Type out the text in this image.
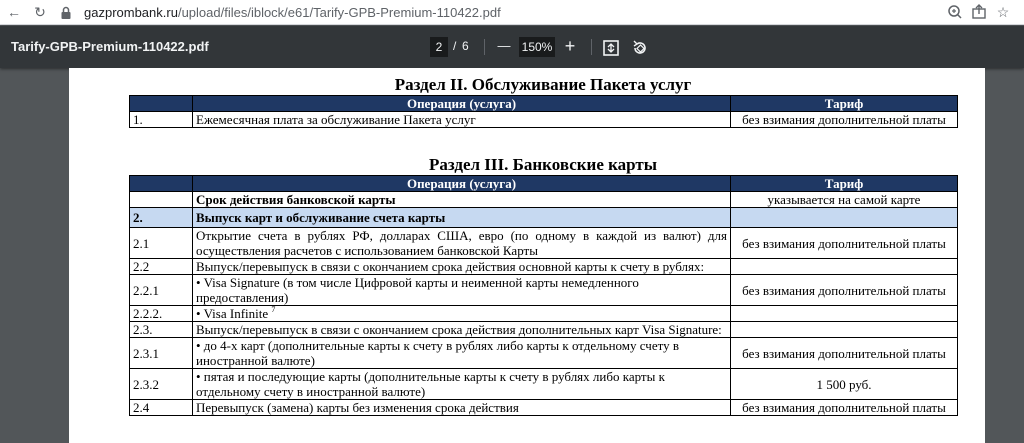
← ↻	gazprombank.ru/upload/files/iblock/e61/Tarify-GPB-Premium-110422.pdf	☆
Tarify-GPB-Premium-110422.pdf	2 / 6 — 150% +
Раздел II. Обслуживание Пакета услуг
	Операция (услуга)	Тариф
1.	Ежемесячная плата за обслуживание Пакета услуг	без взимания дополнительной платы
Раздел III. Банковские карты
	Операция (услуга)	Тариф
	Срок действия банковской карты	указывается на самой карте
2.	Выпуск карт и обслуживание счета карты	
2.1	Открытие счета в рублях РФ, долларах США, евро (по одному в каждой из валют) для осуществления расчетов с использованием банковской Карты	без взимания дополнительной платы
2.2	Выпуск/перевыпуск в связи с окончанием срока действия основной карты к счету в рублях:	
2.2.1	• Visa Signature (в том числе Цифровой карты и неименной карты немедленного предоставления)	без взимания дополнительной платы
2.2.2.	• Visa Infinite $^7$	
2.3.	Выпуск/перевыпуск в связи с окончанием срока действия дополнительных карт Visa Signature:	
2.3.1	• до 4-х карт (дополнительные карты к счету в рублях либо карты к отдельному счету в иностранной валюте)	без взимания дополнительной платы
2.3.2	• пятая и последующие карты (дополнительные карты к счету в рублях либо карты к отдельному счету в иностранной валюте)	1 500 руб.
2.4	Перевыпуск (замена) карты без изменения срока действия	без взимания дополнительной платы
